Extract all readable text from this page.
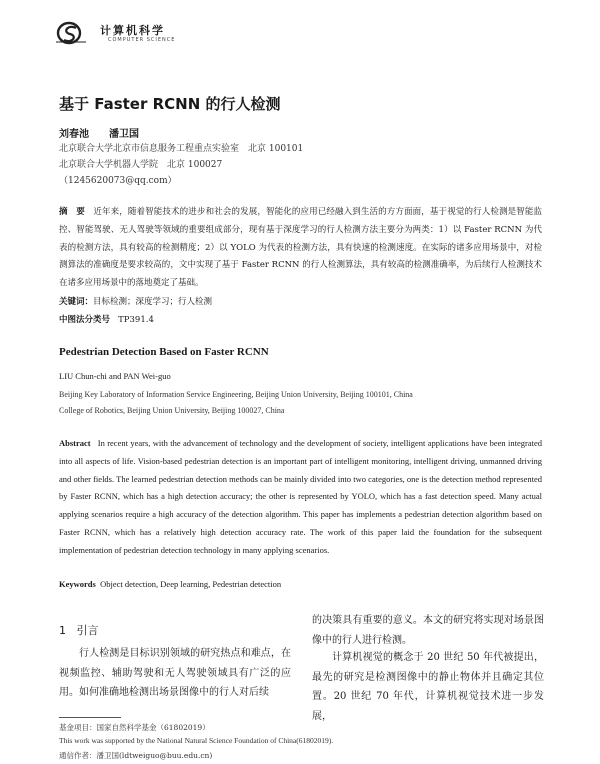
计算机科学
COMPUTER SCIENCE
基于 Faster RCNN 的行人检测
刘春池　　潘卫国
北京联合大学北京市信息服务工程重点实验室　北京 100101
北京联合大学机器人学院　北京 100027
（1245620073@qq.com）
摘　要 近年来，随着智能技术的进步和社会的发展，智能化的应用已经融入到生活的方方面面，基于视觉的行人检测是智能监控、智能驾驶、无人驾驶等领域的重要组成部分，现有基于深度学习的行人检测方法主要分为两类：1）以 Faster RCNN 为代表的检测方法，具有较高的检测精度；2）以 YOLO 为代表的检测方法，具有快速的检测速度。在实际的诸多应用场景中，对检测算法的准确度是要求较高的，文中实现了基于 Faster RCNN 的行人检测算法，具有较高的检测准确率，为后续行人检测技术在诸多应用场景中的落地奠定了基础。
关键词：目标检测；深度学习；行人检测
中图法分类号 TP391.4
Pedestrian Detection Based on Faster RCNN
LIU Chun-chi and PAN Wei-guo
Beijing Key Laboratory of Information Service Engineering, Beijing Union University, Beijing 100101, China
College of Robotics, Beijing Union University, Beijing 100027, China
Abstract In recent years, with the advancement of technology and the development of society, intelligent applications have been integrated into all aspects of life. Vision-based pedestrian detection is an important part of intelligent monitoring, intelligent driving, unmanned driving and other fields. The learned pedestrian detection methods can be mainly divided into two categories, one is the detection method represented by Faster RCNN, which has a high detection accuracy; the other is represented by YOLO, which has a fast detection speed. Many actual applying scenarios require a high accuracy of the detection algorithm. This paper has implements a pedestrian detection algorithm based on Faster RCNN, which has a relatively high detection accuracy rate. The work of this paper laid the foundation for the subsequent implementation of pedestrian detection technology in many applying scenarios.
Keywords Object detection, Deep learning, Pedestrian detection
1 引言
行人检测是目标识别领域的研究热点和难点，在视频监控、辅助驾驶和无人驾驶领域具有广泛的应用。如何准确地检测出场景图像中的行人对后续
的决策具有重要的意义。本文的研究将实现对场景图像中的行人进行检测。
计算机视觉的概念于 20 世纪 50 年代被提出，最先的研究是检测图像中的静止物体并且确定其位置。20 世纪 70 年代，计算机视觉技术进一步发展，
基金项目：国家自然科学基金（61802019）
This work was supported by the National Natural Science Foundation of China(61802019).
通信作者：潘卫国(ldtweiguo@buu.edu.cn)
